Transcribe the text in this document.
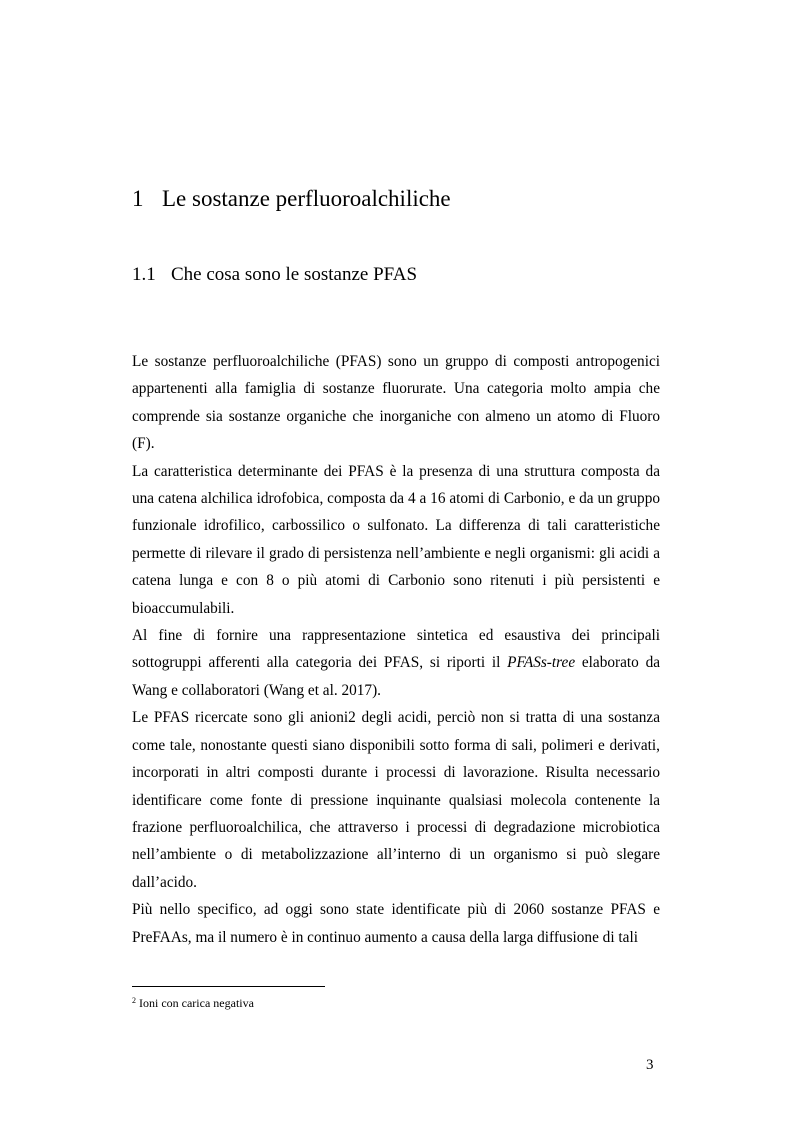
1 Le sostanze perfluoroalchiliche
1.1 Che cosa sono le sostanze PFAS

Le sostanze perfluoroalchiliche (PFAS) sono un gruppo di composti antropogenici appartenenti alla famiglia di sostanze fluorurate. Una categoria molto ampia che comprende sia sostanze organiche che inorganiche con almeno un atomo di Fluoro (F).

La caratteristica determinante dei PFAS è la presenza di una struttura composta da una catena alchilica idrofobica, composta da 4 a 16 atomi di Carbonio, e da un gruppo funzionale idrofilico, carbossilico o sulfonato. La differenza di tali caratteristiche permette di rilevare il grado di persistenza nell’ambiente e negli organismi: gli acidi a catena lunga e con 8 o più atomi di Carbonio sono ritenuti i più persistenti e bioaccumulabili.

Al fine di fornire una rappresentazione sintetica ed esaustiva dei principali sottogruppi afferenti alla categoria dei PFAS, si riporti il PFASs-tree elaborato da Wang e collaboratori (Wang et al. 2017).

Le PFAS ricercate sono gli anioni2 degli acidi, perciò non si tratta di una sostanza come tale, nonostante questi siano disponibili sotto forma di sali, polimeri e derivati, incorporati in altri composti durante i processi di lavorazione. Risulta necessario identificare come fonte di pressione inquinante qualsiasi molecola contenente la frazione perfluoroalchilica, che attraverso i processi di degradazione microbiotica nell’ambiente o di metabolizzazione all’interno di un organismo si può slegare dall’acido.

Più nello specifico, ad oggi sono state identificate più di 2060 sostanze PFAS e PreFAAs, ma il numero è in continuo aumento a causa della larga diffusione di tali

$^2$ Ioni con carica negativa

3
